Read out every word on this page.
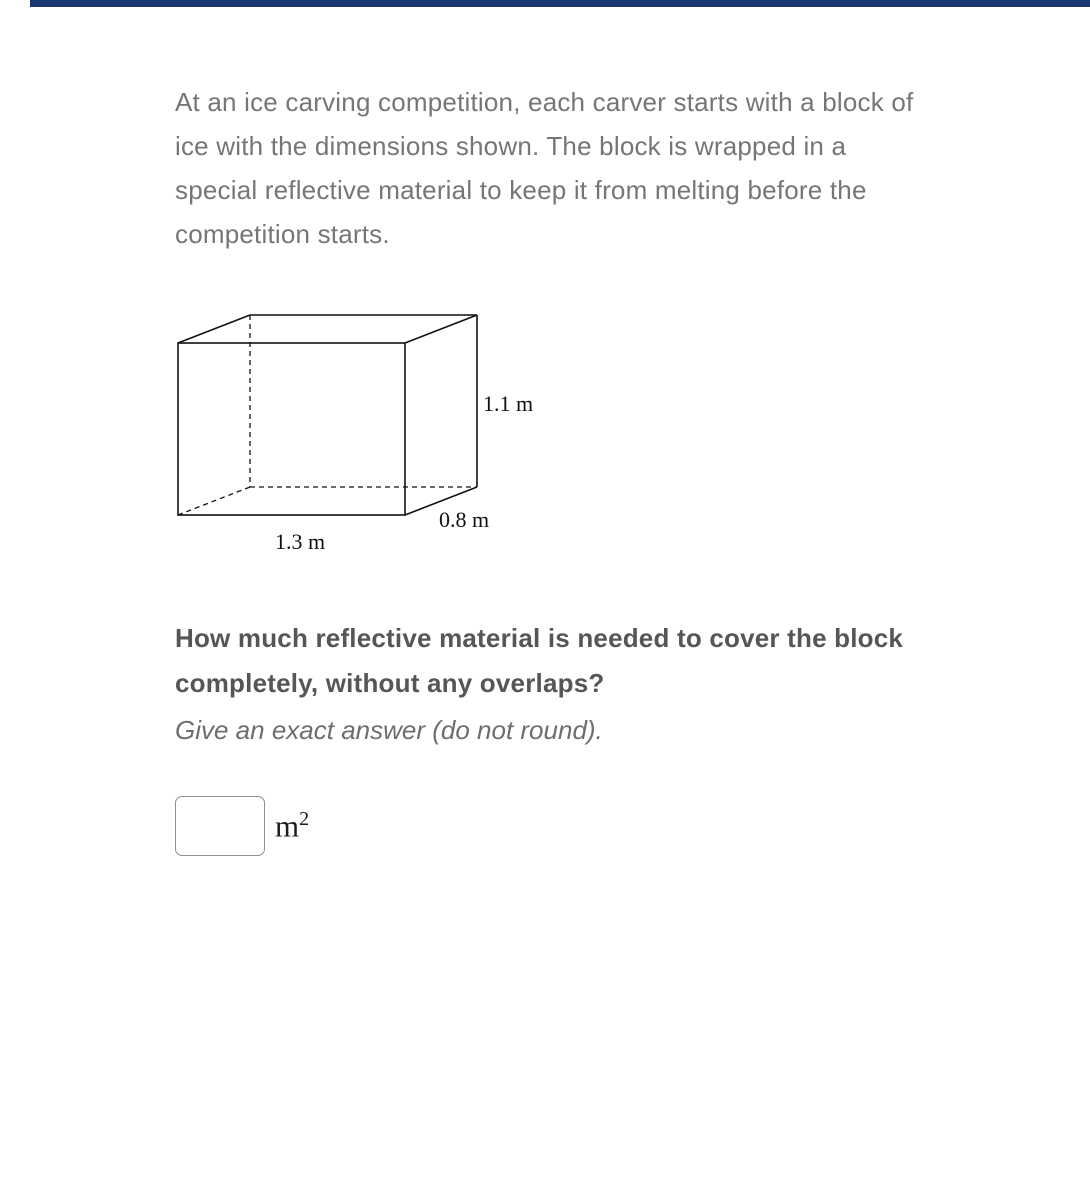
At an ice carving competition, each carver starts with a block of ice with the dimensions shown. The block is wrapped in a special reflective material to keep it from melting before the competition starts.

1.1 m
0.8 m
1.3 m
How much reflective material is needed to cover the block completely, without any overlaps?
Give an exact answer (do not round).
$m^2$
